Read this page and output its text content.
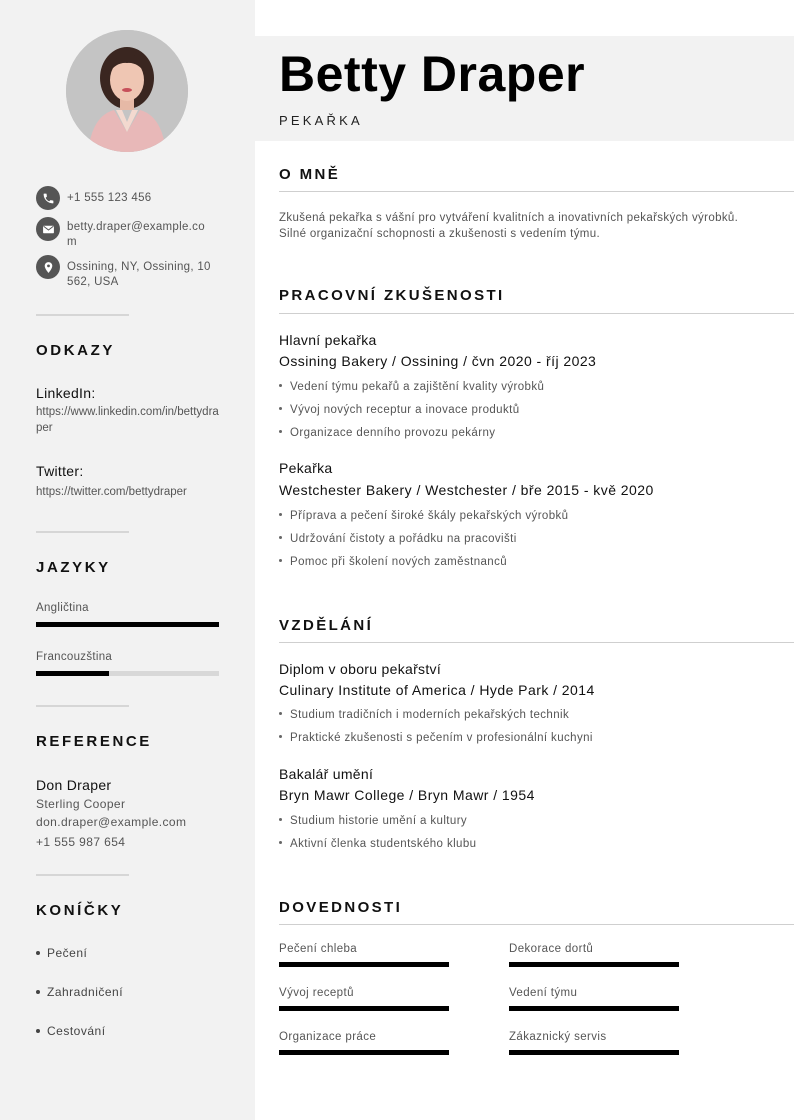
+1 555 123 456
betty.draper@example.com
Ossining, NY, Ossining, 10562, USA
ODKAZY
LinkedIn:
https://www.linkedin.com/in/bettydraper
Twitter:
https://twitter.com/bettydraper
JAZYKY
Angličtina
Francouzština
REFERENCE
Don Draper
Sterling Cooper
don.draper@example.com
+1 555 987 654
KONÍČKY
Pečení
Zahradničení
Cestování
Betty Draper
PEKAŘKA
O MNĚ
Zkušená pekařka s vášní pro vytváření kvalitních a inovativních pekařských výrobků. Silné organizační schopnosti a zkušenosti s vedením týmu.
PRACOVNÍ ZKUŠENOSTI
Hlavní pekařka
Ossining Bakery / Ossining / čvn 2020 - říj 2023
Vedení týmu pekařů a zajištění kvality výrobků
Vývoj nových receptur a inovace produktů
Organizace denního provozu pekárny
Pekařka
Westchester Bakery / Westchester / bře 2015 - kvě 2020
Příprava a pečení široké škály pekařských výrobků
Udržování čistoty a pořádku na pracovišti
Pomoc při školení nových zaměstnanců
VZDĚLÁNÍ
Diplom v oboru pekařství
Culinary Institute of America / Hyde Park / 2014
Studium tradičních i moderních pekařských technik
Praktické zkušenosti s pečením v profesionální kuchyni
Bakalář umění
Bryn Mawr College / Bryn Mawr / 1954
Studium historie umění a kultury
Aktivní členka studentského klubu
DOVEDNOSTI
Pečení chleba	Dekorace dortů
Vývoj receptů	Vedení týmu
Organizace práce	Zákaznický servis
